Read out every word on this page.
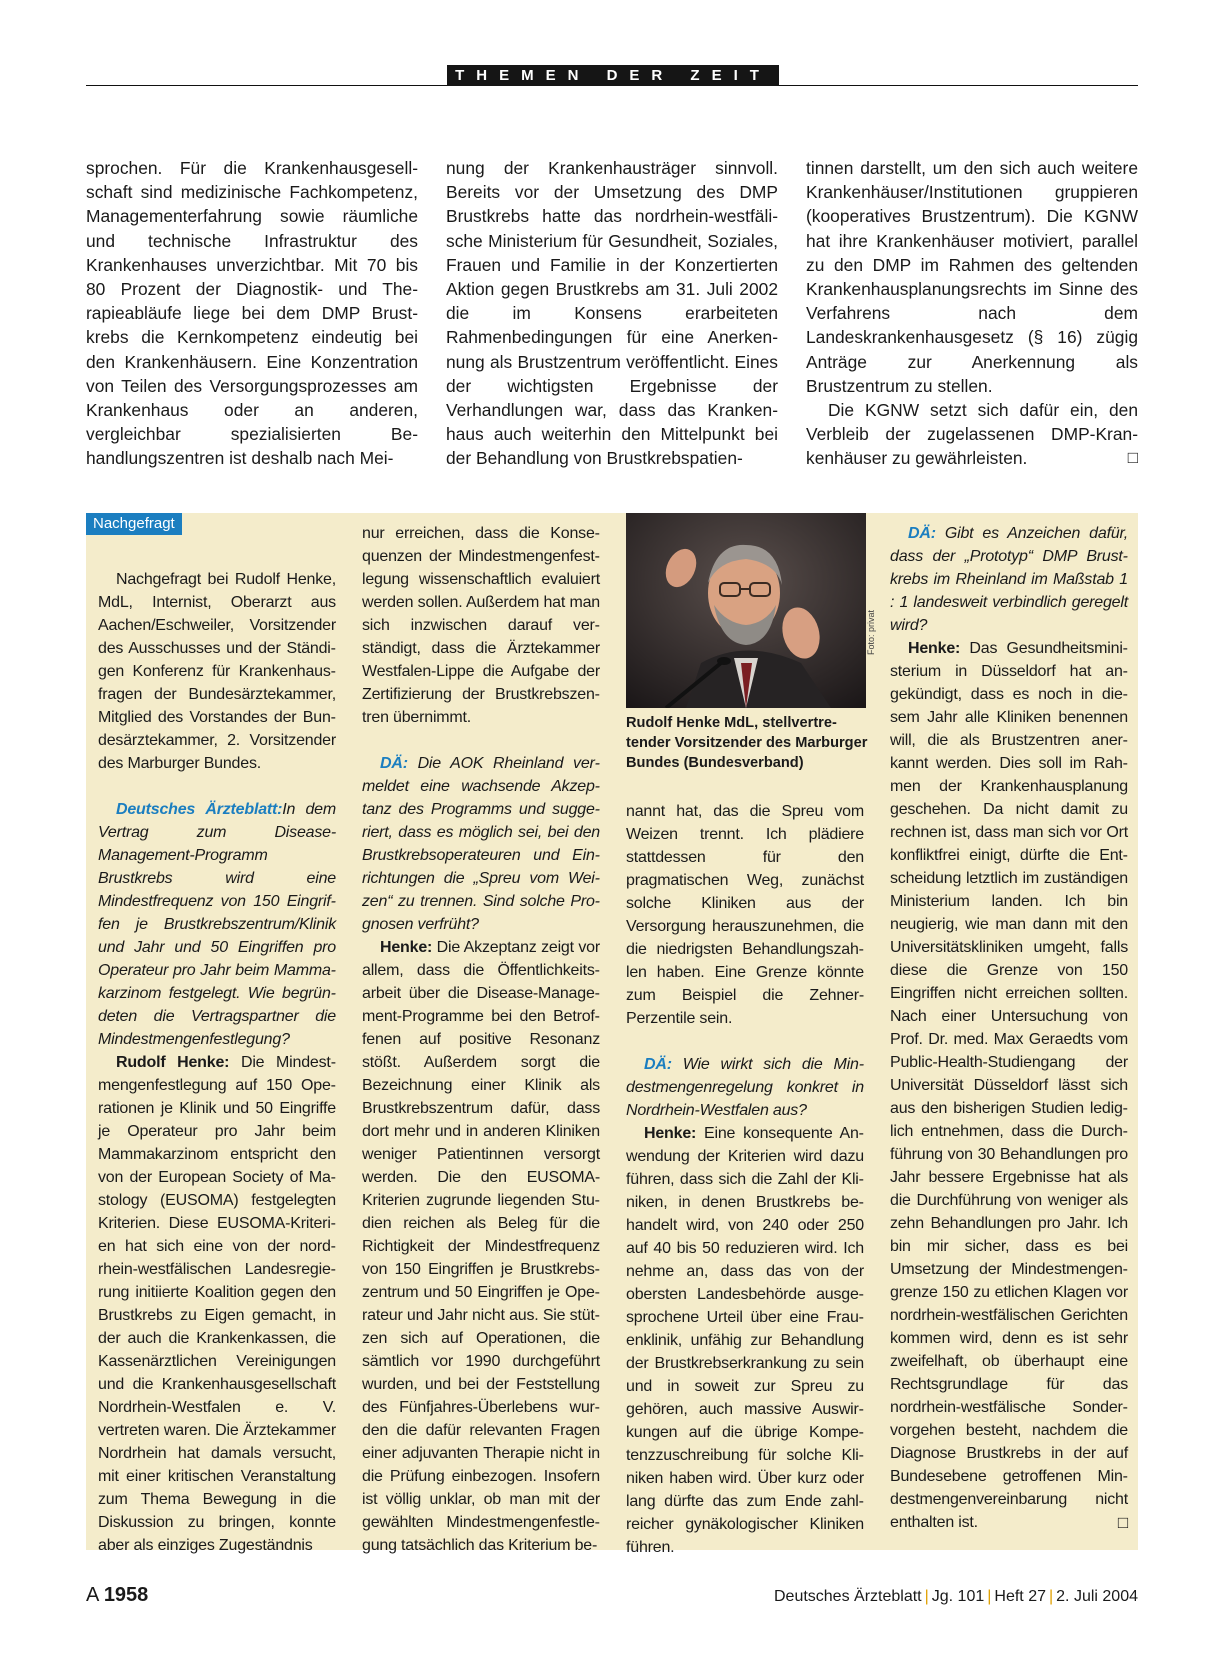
THEMEN DER ZEIT

sprochen. Für die Krankenhausgesellschaft sind medizinische Fachkompetenz, Managementerfahrung sowie räumliche und technische Infrastruktur des Krankenhauses unverzichtbar. Mit 70 bis 80 Prozent der Diagnostik- und Therapieabläufe liege bei dem DMP Brustkrebs die Kernkompetenz eindeutig bei den Krankenhäusern. Eine Konzentration von Teilen des Versorgungsprozesses am Krankenhaus oder an anderen, vergleichbar spezialisierten Behandlungszentren ist deshalb nach Mei-

nung der Krankenhausträger sinnvoll. Bereits vor der Umsetzung des DMP Brustkrebs hatte das nordrhein-westfälische Ministerium für Gesundheit, Soziales, Frauen und Familie in der Konzertierten Aktion gegen Brustkrebs am 31. Juli 2002 die im Konsens erarbeiteten Rahmenbedingungen für eine Anerkennung als Brustzentrum veröffentlicht. Eines der wichtigsten Ergebnisse der Verhandlungen war, dass das Krankenhaus auch weiterhin den Mittelpunkt bei der Behandlung von Brustkrebspatien-

tinnen darstellt, um den sich auch weitere Krankenhäuser/Institutionen gruppieren (kooperatives Brustzentrum). Die KGNW hat ihre Krankenhäuser motiviert, parallel zu den DMP im Rahmen des geltenden Krankenhausplanungsrechts im Sinne des Verfahrens nach dem Landeskrankenhausgesetz (§ 16) zügig Anträge zur Anerkennung als Brustzentrum zu stellen.

Die KGNW setzt sich dafür ein, den Verbleib der zugelassenen DMP-Krankenhäuser zu gewährleisten.	□

Nachgefragt

Nachgefragt bei Rudolf Henke, MdL, Internist, Oberarzt aus Aachen/Eschweiler, Vorsitzender des Ausschusses und der Ständigen Konferenz für Krankenhausfragen der Bundesärztekammer, Mitglied des Vorstandes der Bundesärztekammer, 2. Vorsitzender des Marburger Bundes.

Deutsches Ärzteblatt:In dem Vertrag zum Disease-Management-Programm Brustkrebs wird eine Mindestfrequenz von 150 Eingriffen je Brustkrebszentrum/Klinik und Jahr und 50 Eingriffen pro Operateur pro Jahr beim Mammakarzinom festgelegt. Wie begründeten die Vertragspartner die Mindestmengenfestlegung?

Rudolf Henke: Die Mindestmengenfestlegung auf 150 Operationen je Klinik und 50 Eingriffe je Operateur pro Jahr beim Mammakarzinom entspricht den von der European Society of Mastology (EUSOMA) festgelegten Kriterien. Diese EUSOMA-Kriterien hat sich eine von der nordrhein-westfälischen Landesregierung initiierte Koalition gegen den Brustkrebs zu Eigen gemacht, in der auch die Krankenkassen, die Kassenärztlichen Vereinigungen und die Krankenhausgesellschaft Nordrhein-Westfalen e. V. vertreten waren. Die Ärztekammer Nordrhein hat damals versucht, mit einer kritischen Veranstaltung zum Thema Bewegung in die Diskussion zu bringen, konnte aber als einziges Zugeständnis

nur erreichen, dass die Konsequenzen der Mindestmengenfestlegung wissenschaftlich evaluiert werden sollen. Außerdem hat man sich inzwischen darauf verständigt, dass die Ärztekammer Westfalen-Lippe die Aufgabe der Zertifizierung der Brustkrebszentren übernimmt.

DÄ: Die AOK Rheinland vermeldet eine wachsende Akzeptanz des Programms und suggeriert, dass es möglich sei, bei den Brustkrebsoperateuren und Einrichtungen die „Spreu vom Weizen“ zu trennen. Sind solche Prognosen verfrüht?

Henke: Die Akzeptanz zeigt vor allem, dass die Öffentlichkeitsarbeit über die Disease-Management-Programme bei den Betroffenen auf positive Resonanz stößt. Außerdem sorgt die Bezeichnung einer Klinik als Brustkrebszentrum dafür, dass dort mehr und in anderen Kliniken weniger Patientinnen versorgt werden. Die den EUSOMA-Kriterien zugrunde liegenden Studien reichen als Beleg für die Richtigkeit der Mindestfrequenz von 150 Eingriffen je Brustkrebszentrum und 50 Eingriffen je Operateur und Jahr nicht aus. Sie stützen sich auf Operationen, die sämtlich vor 1990 durchgeführt wurden, und bei der Feststellung des Fünfjahres-Überlebens wurden die dafür relevanten Fragen einer adjuvanten Therapie nicht in die Prüfung einbezogen. Insofern ist völlig unklar, ob man mit der gewählten Mindestmengenfestlegung tatsächlich das Kriterium be-

Foto: privat
Rudolf Henke MdL, stellvertretender Vorsitzender des Marburger Bundes (Bundesverband)

nannt hat, das die Spreu vom Weizen trennt. Ich plädiere stattdessen für den pragmatischen Weg, zunächst solche Kliniken aus der Versorgung herauszunehmen, die die niedrigsten Behandlungszahlen haben. Eine Grenze könnte zum Beispiel die Zehner-Perzentile sein.

DÄ: Wie wirkt sich die Mindestmengenregelung konkret in Nordrhein-Westfalen aus?

Henke: Eine konsequente Anwendung der Kriterien wird dazu führen, dass sich die Zahl der Kliniken, in denen Brustkrebs behandelt wird, von 240 oder 250 auf 40 bis 50 reduzieren wird. Ich nehme an, dass das von der obersten Landesbehörde ausgesprochene Urteil über eine Frauenklinik, unfähig zur Behandlung der Brustkrebserkrankung zu sein und in soweit zur Spreu zu gehören, auch massive Auswirkungen auf die übrige Kompetenzzuschreibung für solche Kliniken haben wird. Über kurz oder lang dürfte das zum Ende zahlreicher gynäkologischer Kliniken führen.

DÄ: Gibt es Anzeichen dafür, dass der „Prototyp“ DMP Brustkrebs im Rheinland im Maßstab 1 : 1 landesweit verbindlich geregelt wird?

Henke: Das Gesundheitsministerium in Düsseldorf hat angekündigt, dass es noch in diesem Jahr alle Kliniken benennen will, die als Brustzentren anerkannt werden. Dies soll im Rahmen der Krankenhausplanung geschehen. Da nicht damit zu rechnen ist, dass man sich vor Ort konfliktfrei einigt, dürfte die Entscheidung letztlich im zuständigen Ministerium landen. Ich bin neugierig, wie man dann mit den Universitätskliniken umgeht, falls diese die Grenze von 150 Eingriffen nicht erreichen sollten. Nach einer Untersuchung von Prof. Dr. med. Max Geraedts vom Public-Health-Studiengang der Universität Düsseldorf lässt sich aus den bisherigen Studien lediglich entnehmen, dass die Durchführung von 30 Behandlungen pro Jahr bessere Ergebnisse hat als die Durchführung von weniger als zehn Behandlungen pro Jahr. Ich bin mir sicher, dass es bei Umsetzung der Mindestmengengrenze 150 zu etlichen Klagen vor nordrhein-westfälischen Gerichten kommen wird, denn es ist sehr zweifelhaft, ob überhaupt eine Rechtsgrundlage für das nordrhein-westfälische Sondervorgehen besteht, nachdem die Diagnose Brustkrebs in der auf Bundesebene getroffenen Mindestmengenvereinbarung nicht enthalten ist.	□

A 1958	Deutsches Ärzteblatt | Jg. 101 | Heft 27 | 2. Juli 2004
